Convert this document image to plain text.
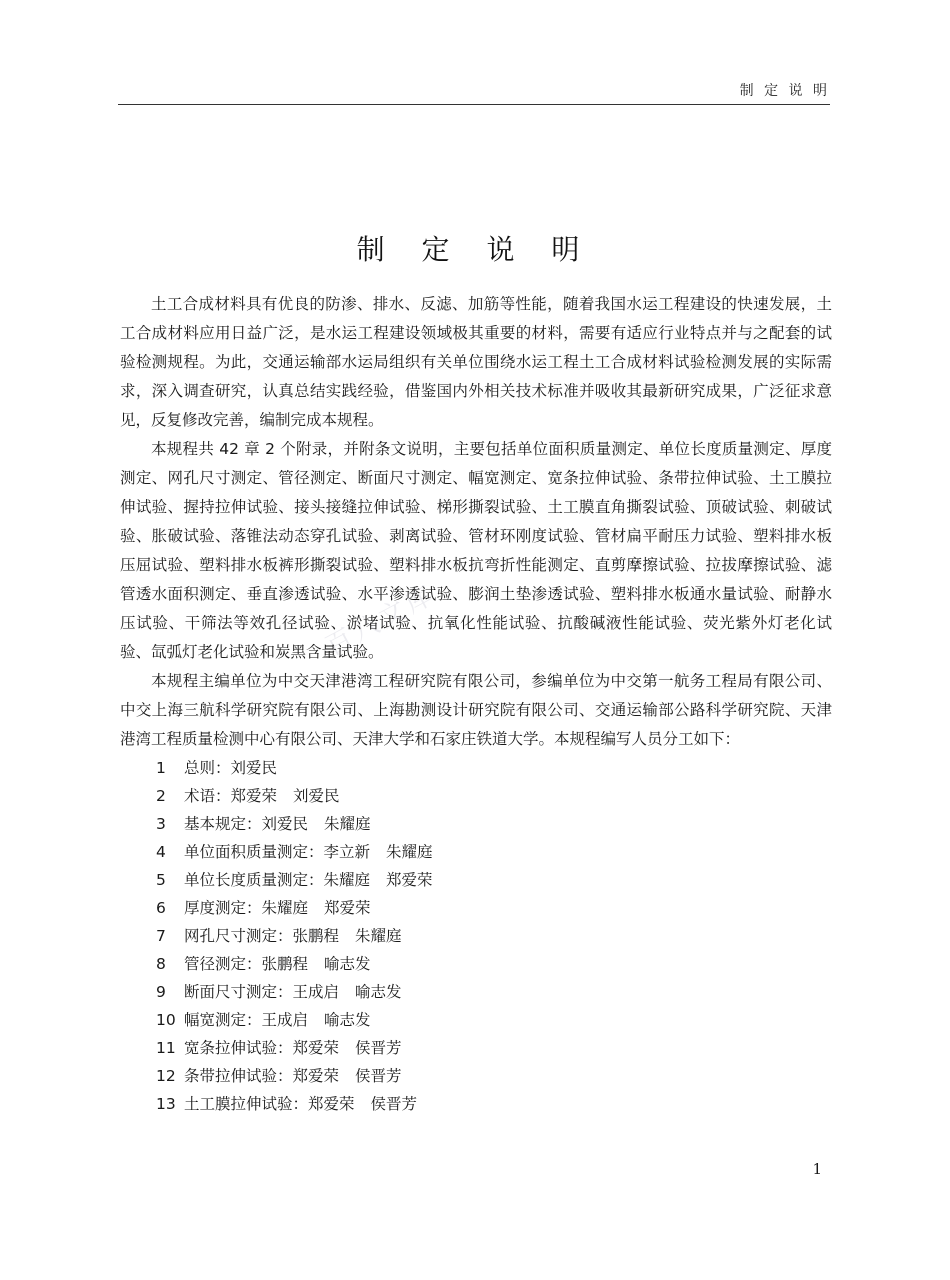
制 定 说 明
制 定 说 明
百八文库

土工合成材料具有优良的防渗、排水、反滤、加筋等性能，随着我国水运工程建设的快速发展，土工合成材料应用日益广泛，是水运工程建设领域极其重要的材料，需要有适应行业特点并与之配套的试验检测规程。为此，交通运输部水运局组织有关单位围绕水运工程土工合成材料试验检测发展的实际需求，深入调查研究，认真总结实践经验，借鉴国内外相关技术标准并吸收其最新研究成果，广泛征求意见，反复修改完善，编制完成本规程。

本规程共 42 章 2 个附录，并附条文说明，主要包括单位面积质量测定、单位长度质量测定、厚度测定、网孔尺寸测定、管径测定、断面尺寸测定、幅宽测定、宽条拉伸试验、条带拉伸试验、土工膜拉伸试验、握持拉伸试验、接头接缝拉伸试验、梯形撕裂试验、土工膜直角撕裂试验、顶破试验、刺破试验、胀破试验、落锥法动态穿孔试验、剥离试验、管材环刚度试验、管材扁平耐压力试验、塑料排水板压屈试验、塑料排水板裤形撕裂试验、塑料排水板抗弯折性能测定、直剪摩擦试验、拉拔摩擦试验、滤管透水面积测定、垂直渗透试验、水平渗透试验、膨润土垫渗透试验、塑料排水板通水量试验、耐静水压试验、干筛法等效孔径试验、淤堵试验、抗氧化性能试验、抗酸碱液性能试验、荧光紫外灯老化试验、氙弧灯老化试验和炭黑含量试验。

本规程主编单位为中交天津港湾工程研究院有限公司，参编单位为中交第一航务工程局有限公司、中交上海三航科学研究院有限公司、上海勘测设计研究院有限公司、交通运输部公路科学研究院、天津港湾工程质量检测中心有限公司、天津大学和石家庄铁道大学。本规程编写人员分工如下：

1 总则：刘爱民
2 术语：郑爱荣 刘爱民
3 基本规定：刘爱民 朱耀庭
4 单位面积质量测定：李立新 朱耀庭
5 单位长度质量测定：朱耀庭 郑爱荣
6 厚度测定：朱耀庭 郑爱荣
7 网孔尺寸测定：张鹏程 朱耀庭
8 管径测定：张鹏程 喻志发
9 断面尺寸测定：王成启 喻志发
10 幅宽测定：王成启 喻志发
11 宽条拉伸试验：郑爱荣 侯晋芳
12 条带拉伸试验：郑爱荣 侯晋芳
13 土工膜拉伸试验：郑爱荣 侯晋芳
1
